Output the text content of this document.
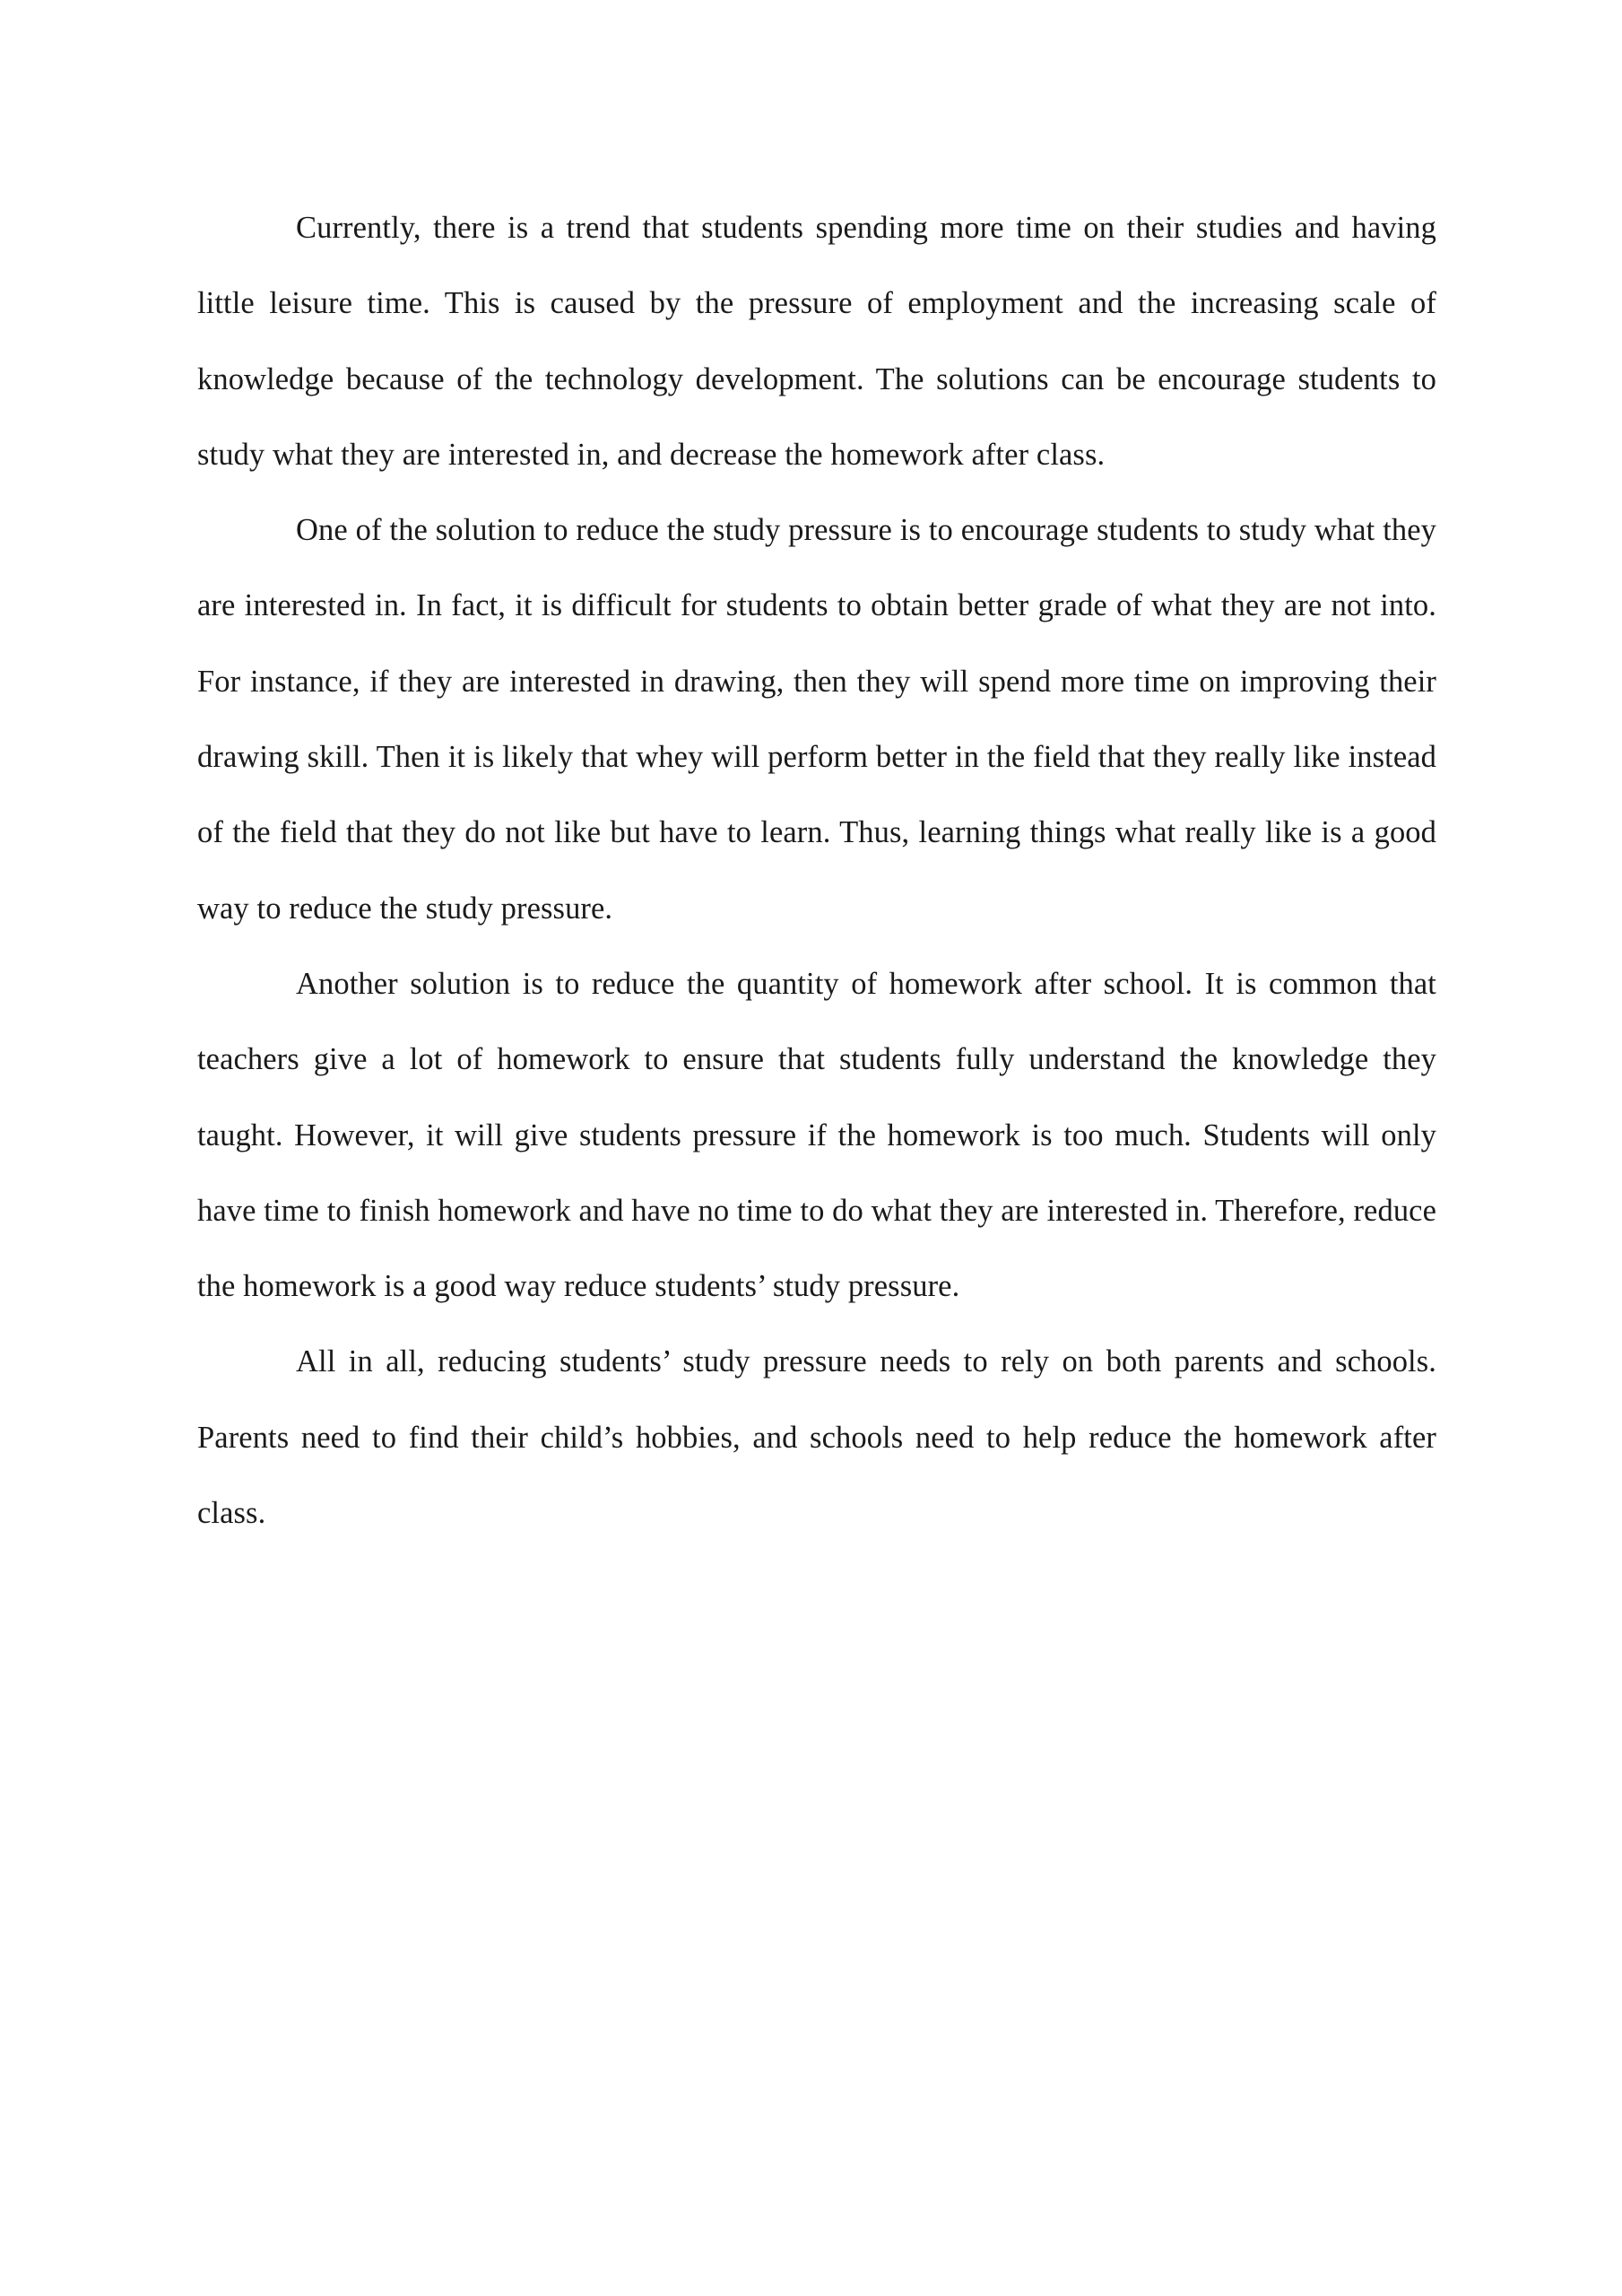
Currently, there is a trend that students spending more time on their studies and having little leisure time. This is caused by the pressure of employment and the increasing scale of knowledge because of the technology development. The solutions can be encourage students to study what they are interested in, and decrease the homework after class.

One of the solution to reduce the study pressure is to encourage students to study what they are interested in. In fact, it is difficult for students to obtain better grade of what they are not into. For instance, if they are interested in drawing, then they will spend more time on improving their drawing skill. Then it is likely that whey will perform better in the field that they really like instead of the field that they do not like but have to learn. Thus, learning things what really like is a good way to reduce the study pressure.

Another solution is to reduce the quantity of homework after school. It is common that teachers give a lot of homework to ensure that students fully understand the knowledge they taught. However, it will give students pressure if the homework is too much. Students will only have time to finish homework and have no time to do what they are interested in. Therefore, reduce the homework is a good way reduce students’ study pressure.

All in all, reducing students’ study pressure needs to rely on both parents and schools. Parents need to find their child’s hobbies, and schools need to help reduce the homework after class.
